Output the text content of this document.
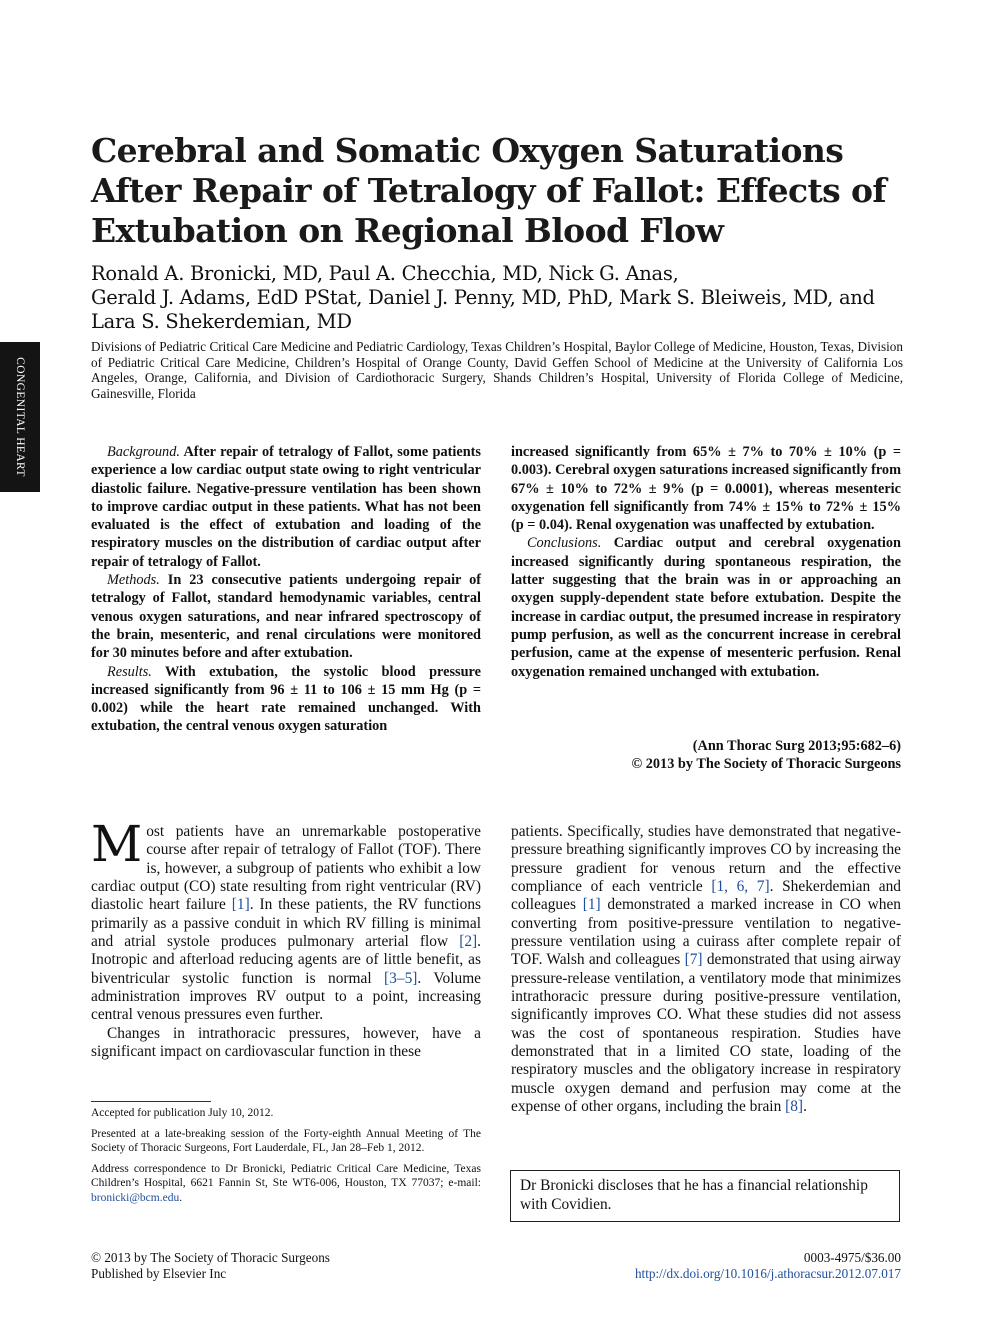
CONGENITAL HEART
Cerebral and Somatic Oxygen Saturations After Repair of Tetralogy of Fallot: Effects of Extubation on Regional Blood Flow
Ronald A. Bronicki, MD, Paul A. Checchia, MD, Nick G. Anas,
Gerald J. Adams, EdD PStat, Daniel J. Penny, MD, PhD, Mark S. Bleiweis, MD, and
Lara S. Shekerdemian, MD
Divisions of Pediatric Critical Care Medicine and Pediatric Cardiology, Texas Children’s Hospital, Baylor College of Medicine, Houston, Texas, Division of Pediatric Critical Care Medicine, Children’s Hospital of Orange County, David Geffen School of Medicine at the University of California Los Angeles, Orange, California, and Division of Cardiothoracic Surgery, Shands Children’s Hospital, University of Florida College of Medicine, Gainesville, Florida

Background. After repair of tetralogy of Fallot, some patients experience a low cardiac output state owing to right ventricular diastolic failure. Negative-pressure ventilation has been shown to improve cardiac output in these patients. What has not been evaluated is the effect of extubation and loading of the respiratory muscles on the distribution of cardiac output after repair of tetralogy of Fallot.

Methods. In 23 consecutive patients undergoing repair of tetralogy of Fallot, standard hemodynamic variables, central venous oxygen saturations, and near infrared spectroscopy of the brain, mesenteric, and renal circulations were monitored for 30 minutes before and after extubation.

Results. With extubation, the systolic blood pressure increased significantly from 96 ± 11 to 106 ± 15 mm Hg (p = 0.002) while the heart rate remained unchanged. With extubation, the central venous oxygen saturation

increased significantly from 65% ± 7% to 70% ± 10% (p = 0.003). Cerebral oxygen saturations increased significantly from 67% ± 10% to 72% ± 9% (p = 0.0001), whereas mesenteric oxygenation fell significantly from 74% ± 15% to 72% ± 15% (p = 0.04). Renal oxygenation was unaffected by extubation.

Conclusions. Cardiac output and cerebral oxygenation increased significantly during spontaneous respiration, the latter suggesting that the brain was in or approaching an oxygen supply-dependent state before extubation. Despite the increase in cardiac output, the presumed increase in respiratory pump perfusion, as well as the concurrent increase in cerebral perfusion, came at the expense of mesenteric perfusion. Renal oxygenation remained unchanged with extubation.

(Ann Thorac Surg 2013;95:682–6)
© 2013 by The Society of Thoracic Surgeons

Most patients have an unremarkable postoperative course after repair of tetralogy of Fallot (TOF). There is, however, a subgroup of patients who exhibit a low cardiac output (CO) state resulting from right ventricular (RV) diastolic heart failure [1]. In these patients, the RV functions primarily as a passive conduit in which RV filling is minimal and atrial systole produces pulmonary arterial flow [2]. Inotropic and afterload reducing agents are of little benefit, as biventricular systolic function is normal [3–5]. Volume administration improves RV output to a point, increasing central venous pressures even further.

Changes in intrathoracic pressures, however, have a significant impact on cardiovascular function in these

patients. Specifically, studies have demonstrated that negative-pressure breathing significantly improves CO by increasing the pressure gradient for venous return and the effective compliance of each ventricle [1, 6, 7]. Shekerdemian and colleagues [1] demonstrated a marked increase in CO when converting from positive-pressure ventilation to negative-pressure ventilation using a cuirass after complete repair of TOF. Walsh and colleagues [7] demonstrated that using airway pressure-release ventilation, a ventilatory mode that minimizes intrathoracic pressure during positive-pressure ventilation, significantly improves CO. What these studies did not assess was the cost of spontaneous respiration. Studies have demonstrated that in a limited CO state, loading of the respiratory muscles and the obligatory increase in respiratory muscle oxygen demand and perfusion may come at the expense of other organs, including the brain [8].

Accepted for publication July 10, 2012.

Presented at a late-breaking session of the Forty-eighth Annual Meeting of The Society of Thoracic Surgeons, Fort Lauderdale, FL, Jan 28–Feb 1, 2012.

Address correspondence to Dr Bronicki, Pediatric Critical Care Medicine, Texas Children’s Hospital, 6621 Fannin St, Ste WT6-006, Houston, TX 77037; e-mail: bronicki@bcm.edu.

Dr Bronicki discloses that he has a financial relationship with Covidien.
© 2013 by The Society of Thoracic Surgeons
Published by Elsevier Inc
0003-4975/$36.00
http://dx.doi.org/10.1016/j.athoracsur.2012.07.017
